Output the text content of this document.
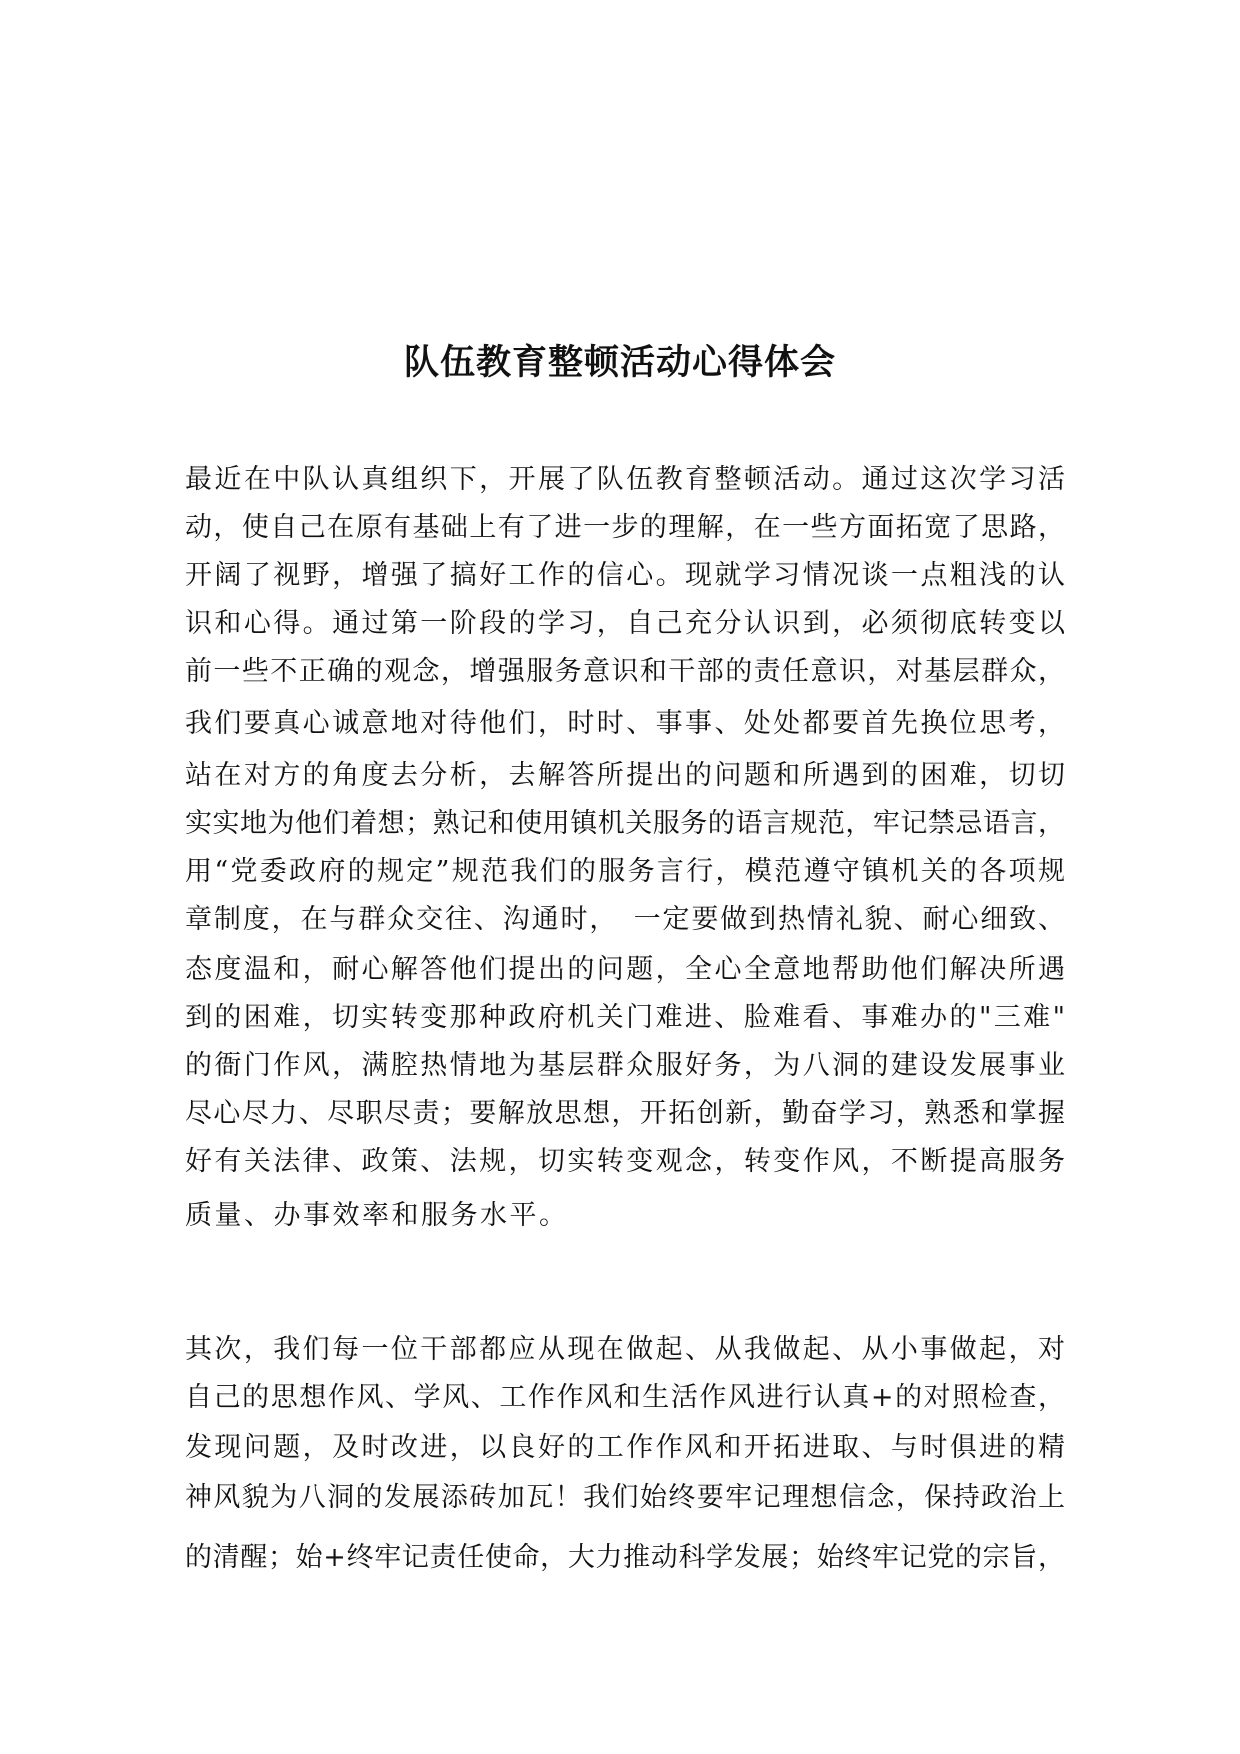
队伍教育整顿活动心得体会
最近在中队认真组织下，开展了队伍教育整顿活动。通过这次学习活
动，使自己在原有基础上有了进一步的理解，在一些方面拓宽了思路，
开阔了视野，增强了搞好工作的信心。现就学习情况谈一点粗浅的认
识和心得。通过第一阶段的学习，自己充分认识到，必须彻底转变以
前一些不正确的观念，增强服务意识和干部的责任意识，对基层群众，
我们要真心诚意地对待他们，时时、事事、处处都要首先换位思考，
站在对方的角度去分析，去解答所提出的问题和所遇到的困难，切切
实实地为他们着想；熟记和使用镇机关服务的语言规范，牢记禁忌语言，
用“党委政府的规定”规范我们的服务言行，模范遵守镇机关的各项规
章制度，在与群众交往、沟通时，　一定要做到热情礼貌、耐心细致、
态度温和，耐心解答他们提出的问题，全心全意地帮助他们解决所遇
到的困难，切实转变那种政府机关门难进、脸难看、事难办的"三难"
的衙门作风，满腔热情地为基层群众服好务，为八洞的建设发展事业
尽心尽力、尽职尽责；要解放思想，开拓创新，勤奋学习，熟悉和掌握
好有关法律、政策、法规，切实转变观念，转变作风，不断提高服务
质量、办事效率和服务水平。
其次，我们每一位干部都应从现在做起、从我做起、从小事做起，对
自己的思想作风、学风、工作作风和生活作风进行认真+的对照检查，
发现问题，及时改进，以良好的工作作风和开拓进取、与时俱进的精
神风貌为八洞的发展添砖加瓦！我们始终要牢记理想信念，保持政治上
的清醒；始+终牢记责任使命，大力推动科学发展；始终牢记党的宗旨，
